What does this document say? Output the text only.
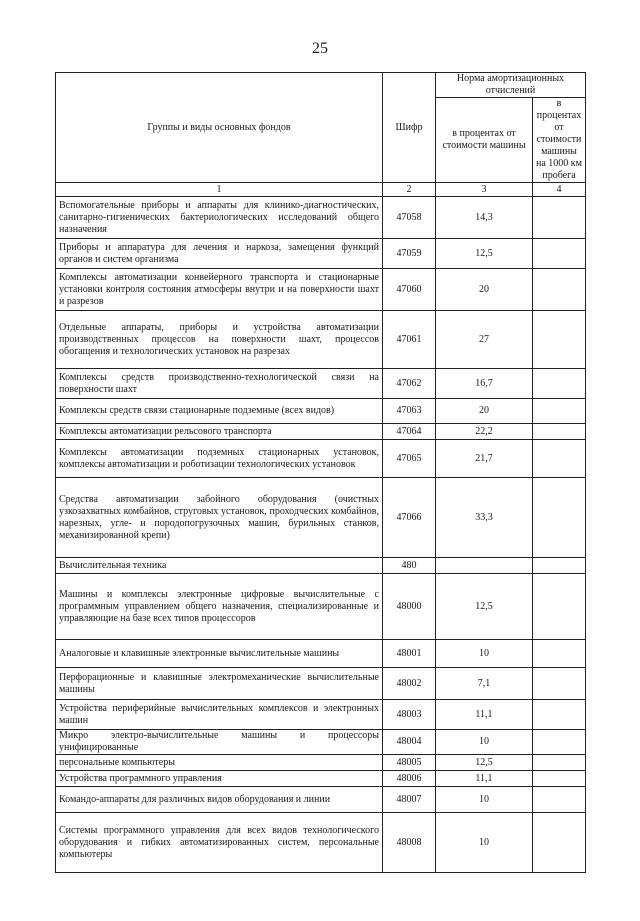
25
Группы и виды основных фондов	Шифр	Норма амортизационных отчислений	
		в процентах от стоимости машины	в процентах от стоимости машины на 1000 км пробега
1	2	3	4
Вспомогательные приборы и аппараты для клинико-диагностических, санитарно-гигиенических бактериологических исследований общего назначения	47058	14,3	
Приборы и аппаратура для лечения и наркоза, замещения функций органов и систем организма	47059	12,5	
Комплексы автоматизации конвейерного транспорта и стационарные установки контроля состояния атмосферы внутри и на поверхности шахт и разрезов	47060	20	
Отдельные аппараты, приборы и устройства автоматизации производственных процессов на поверхности шахт, процессов обогащения и технологических установок на разрезах	47061	27	
Комплексы средств производственно-технологической связи на поверхности шахт	47062	16,7	
Комплексы средств связи стационарные подземные (всех видов)	47063	20	
Комплексы автоматизации рельсового транспорта	47064	22,2	
Комплексы автоматизации подземных стационарных установок, комплексы автоматизации и роботизации технологических установок	47065	21,7	
Средства автоматизации забойного оборудования (очистных узкозахватных комбайнов, струговых установок, проходческих комбайнов, нарезных, угле- и породопогрузочных машин, бурильных станков, механизированной крепи)	47066	33,3	
Вычислительная техника	480		
Машины и комплексы электронные цифровые вычислительные с программным управлением общего назначения, специализированные и управляющие на базе всех типов процессоров	48000	12,5	
Аналоговые и клавишные электронные вычислительные машины	48001	10	
Перфорационные и клавишные электромеханические вычислительные машины	48002	7,1	
Устройства периферийные вычислительных комплексов и электронных машин	48003	11,1	
Микро электро-вычислительные машины и процессоры унифицированные	48004	10	
персональные компьютеры	48005	12,5	
Устройства программного управления	48006	11,1	
Командо-аппараты для различных видов оборудования и линии	48007	10	
Системы программного управления для всех видов технологического оборудования и гибких автоматизированных систем, персональные компьютеры	48008	10	
